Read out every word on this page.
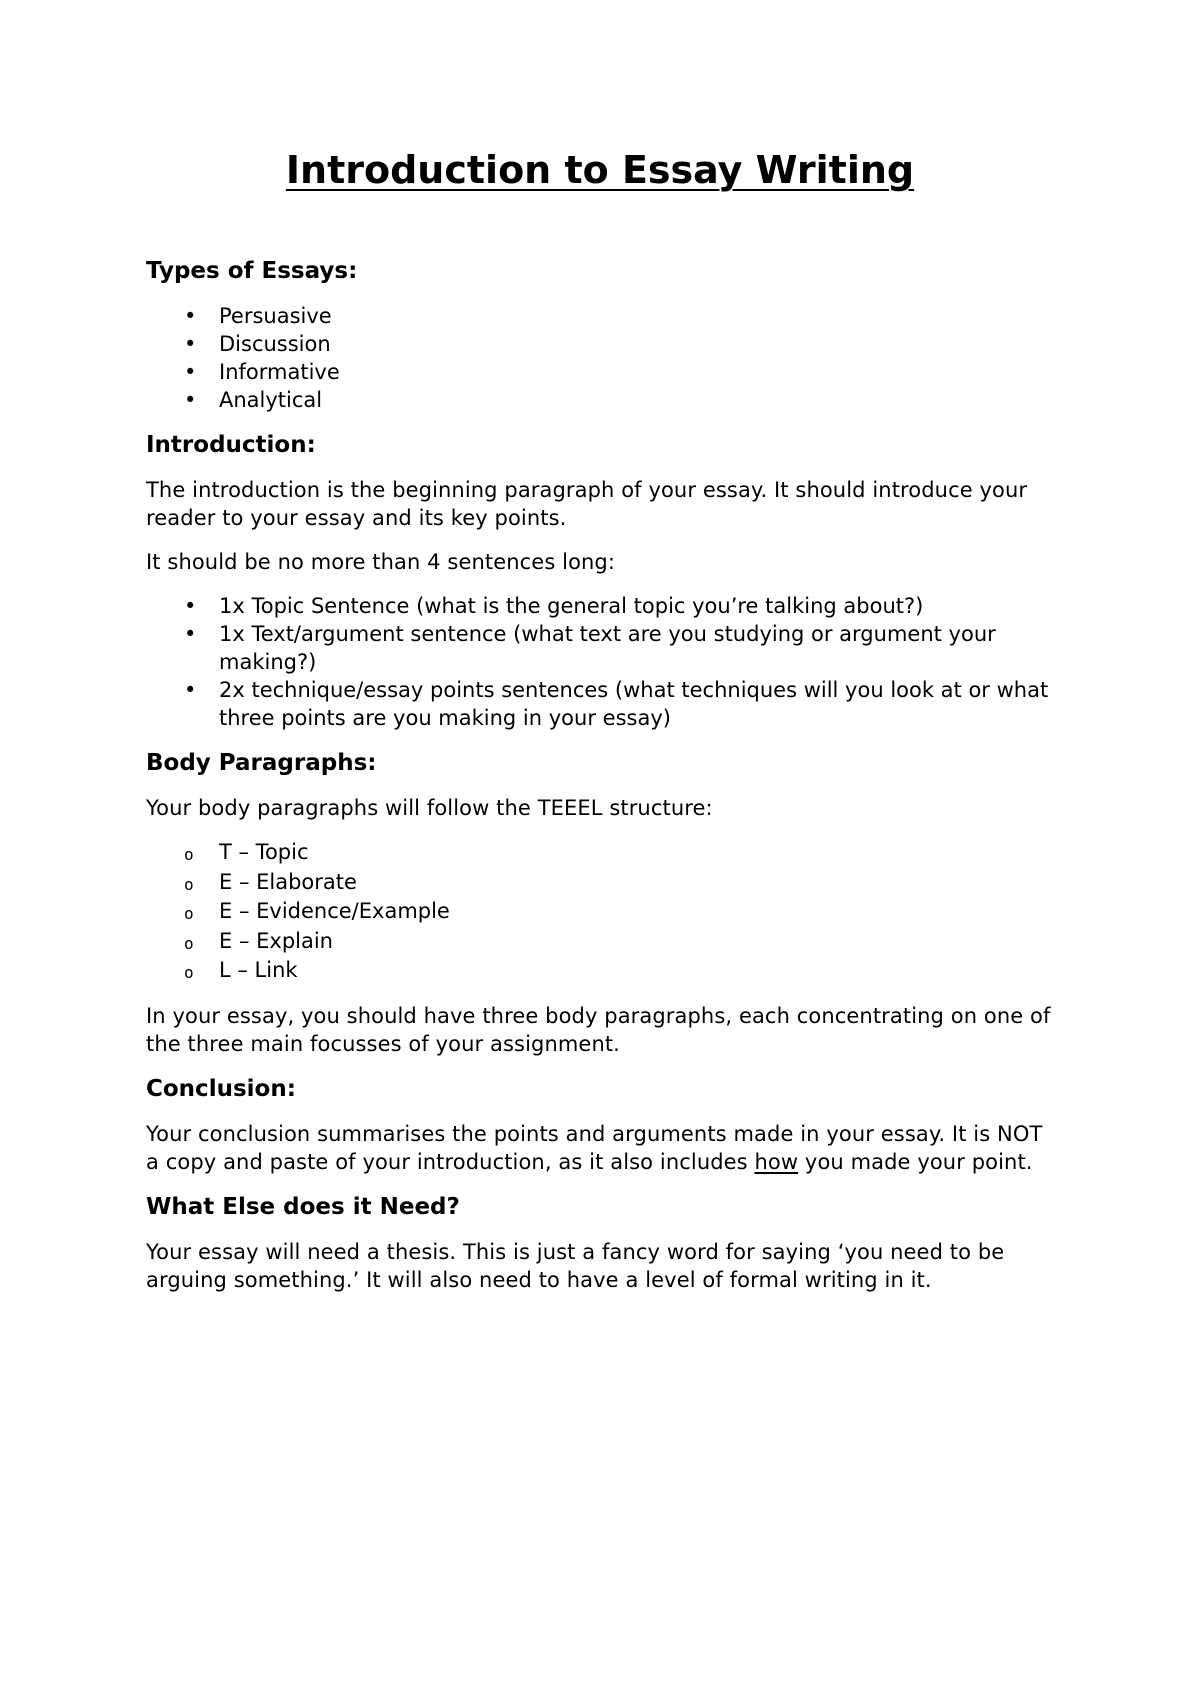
Introduction to Essay Writing
Types of Essays:
•	Persuasive
•	Discussion
•	Informative
•	Analytical
Introduction:

The introduction is the beginning paragraph of your essay. It should introduce your reader to your essay and its key points.

It should be no more than 4 sentences long:

•	1x Topic Sentence (what is the general topic you’re talking about?)
•	1x Text/argument sentence (what text are you studying or argument your making?)
•	2x technique/essay points sentences (what techniques will you look at or what three points are you making in your essay)
Body Paragraphs:

Your body paragraphs will follow the TEEEL structure:

o	T – Topic
o	E – Elaborate
o	E – Evidence/Example
o	E – Explain
o	L – Link

In your essay, you should have three body paragraphs, each concentrating on one of the three main focusses of your assignment.

Conclusion:

Your conclusion summarises the points and arguments made in your essay. It is NOT a copy and paste of your introduction, as it also includes how you made your point.

What Else does it Need?

Your essay will need a thesis. This is just a fancy word for saying ‘you need to be arguing something.’ It will also need to have a level of formal writing in it.
